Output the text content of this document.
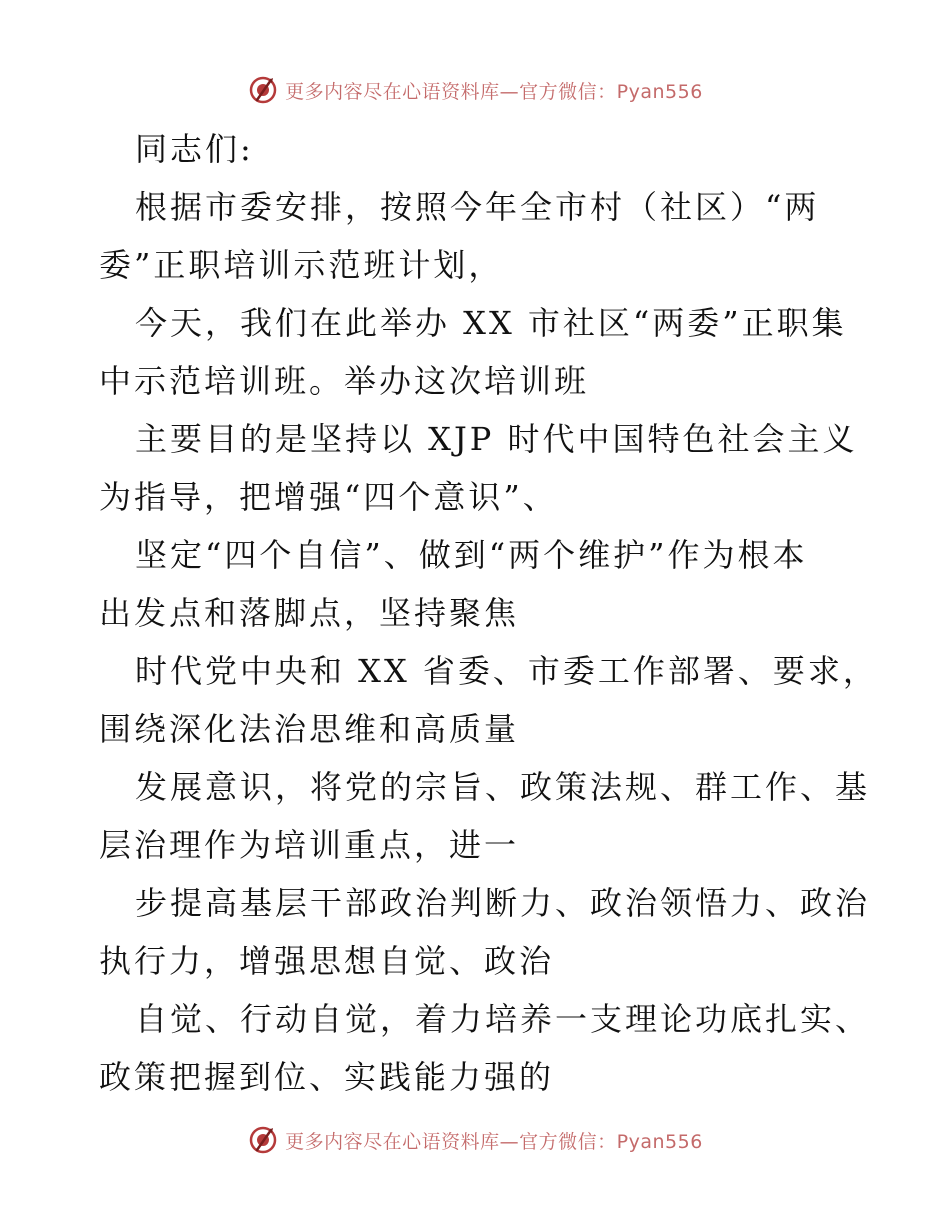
更多内容尽在心语资料库—官方微信：Pyan556
同志们:
根据市委安排，按照今年全市村（社区）“两
委”正职培训示范班计划，
今天，我们在此举办 XX 市社区“两委”正职集
中示范培训班。举办这次培训班
主要目的是坚持以 XJP 时代中国特色社会主义
为指导，把增强“四个意识”、
坚定“四个自信”、做到“两个维护”作为根本
出发点和落脚点，坚持聚焦
时代党中央和 XX 省委、市委工作部署、要求，
围绕深化法治思维和高质量
发展意识，将党的宗旨、政策法规、群工作、基
层治理作为培训重点，进一
步提高基层干部政治判断力、政治领悟力、政治
执行力，增强思想自觉、政治
自觉、行动自觉，着力培养一支理论功底扎实、
政策把握到位、实践能力强的
更多内容尽在心语资料库—官方微信：Pyan556
